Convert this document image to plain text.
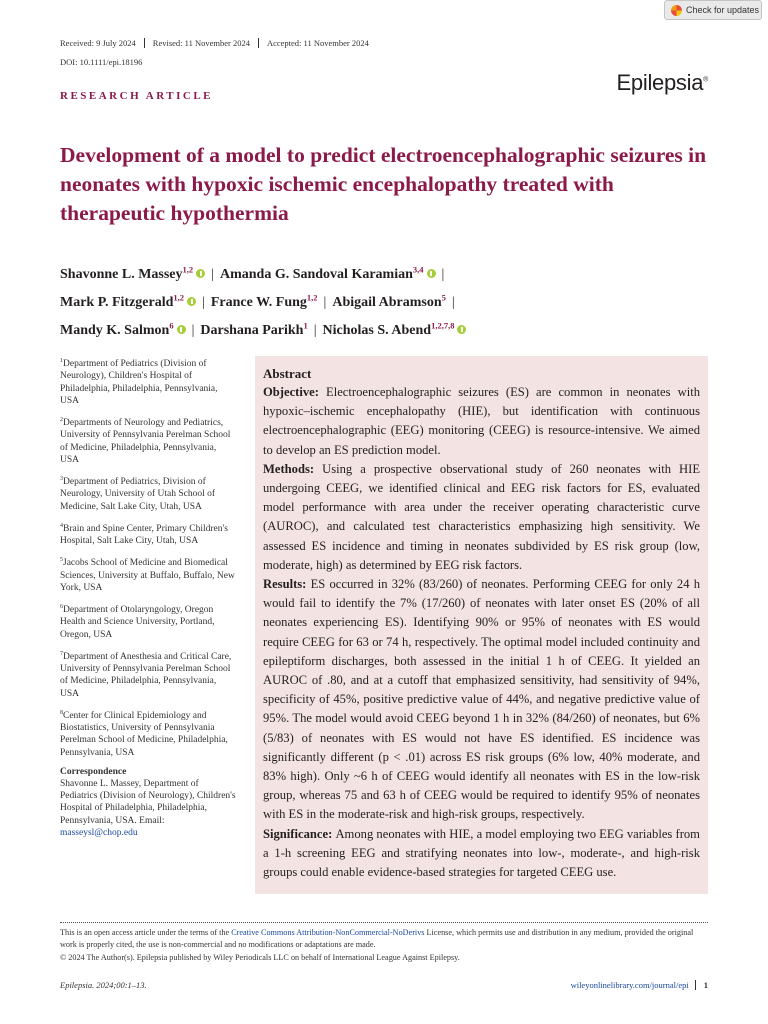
Check for updates
Received: 9 July 2024	Revised: 11 November 2024	Accepted: 11 November 2024
DOI: 10.1111/epi.18196
Epilepsia®
RESEARCH ARTICLE
Development of a model to predict electroencephalographic seizures in neonates with hypoxic ischemic encephalopathy treated with therapeutic hypothermia
Shavonne L. Massey$^{1,2}$ | Amanda G. Sandoval Karamian$^{3,4}$ |
Mark P. Fitzgerald$^{1,2}$ | France W. Fung$^{1,2}$ | Abigail Abramson$^5$ |
Mandy K. Salmon$^6$ | Darshana Parikh$^1$ | Nicholas S. Abend$^{1,2,7,8}$
$^1$Department of Pediatrics (Division of Neurology), Children's Hospital of Philadelphia, Philadelphia, Pennsylvania, USA
$^2$Departments of Neurology and Pediatrics, University of Pennsylvania Perelman School of Medicine, Philadelphia, Pennsylvania, USA
$^3$Department of Pediatrics, Division of Neurology, University of Utah School of Medicine, Salt Lake City, Utah, USA
$^4$Brain and Spine Center, Primary Children's Hospital, Salt Lake City, Utah, USA
$^5$Jacobs School of Medicine and Biomedical Sciences, University at Buffalo, Buffalo, New York, USA
$^6$Department of Otolaryngology, Oregon Health and Science University, Portland, Oregon, USA
$^7$Department of Anesthesia and Critical Care, University of Pennsylvania Perelman School of Medicine, Philadelphia, Pennsylvania, USA
$^8$Center for Clinical Epidemiology and Biostatistics, University of Pennsylvania Perelman School of Medicine, Philadelphia, Pennsylvania, USA
Correspondence
Shavonne L. Massey, Department of Pediatrics (Division of Neurology), Children's Hospital of Philadelphia, Philadelphia, Pennsylvania, USA. Email: masseysl@chop.edu
Abstract

Objective: Electroencephalographic seizures (ES) are common in neonates with hypoxic–ischemic encephalopathy (HIE), but identification with continuous electroencephalographic (EEG) monitoring (CEEG) is resource-intensive. We aimed to develop an ES prediction model.

Methods: Using a prospective observational study of 260 neonates with HIE undergoing CEEG, we identified clinical and EEG risk factors for ES, evaluated model performance with area under the receiver operating characteristic curve (AUROC), and calculated test characteristics emphasizing high sensitivity. We assessed ES incidence and timing in neonates subdivided by ES risk group (low, moderate, high) as determined by EEG risk factors.

Results: ES occurred in 32% (83/260) of neonates. Performing CEEG for only 24 h would fail to identify the 7% (17/260) of neonates with later onset ES (20% of all neonates experiencing ES). Identifying 90% or 95% of neonates with ES would require CEEG for 63 or 74 h, respectively. The optimal model included continuity and epileptiform discharges, both assessed in the initial 1 h of CEEG. It yielded an AUROC of .80, and at a cutoff that emphasized sensitivity, had sensitivity of 94%, specificity of 45%, positive predictive value of 44%, and negative predictive value of 95%. The model would avoid CEEG beyond 1 h in 32% (84/260) of neonates, but 6% (5/83) of neonates with ES would not have ES identified. ES incidence was significantly different (p < .01) across ES risk groups (6% low, 40% moderate, and 83% high). Only ~6 h of CEEG would identify all neonates with ES in the low-risk group, whereas 75 and 63 h of CEEG would be required to identify 95% of neonates with ES in the moderate-risk and high-risk groups, respectively.

Significance: Among neonates with HIE, a model employing two EEG variables from a 1-h screening EEG and stratifying neonates into low-, moderate-, and high-risk groups could enable evidence-based strategies for targeted CEEG use.

This is an open access article under the terms of the Creative Commons Attribution-NonCommercial-NoDerivs License, which permits use and distribution in any medium, provided the original work is properly cited, the use is non-commercial and no modifications or adaptations are made.
© 2024 The Author(s). Epilepsia published by Wiley Periodicals LLC on behalf of International League Against Epilepsy.
Epilepsia. 2024;00:1–13.	wileyonlinelibrary.com/journal/epi	1
